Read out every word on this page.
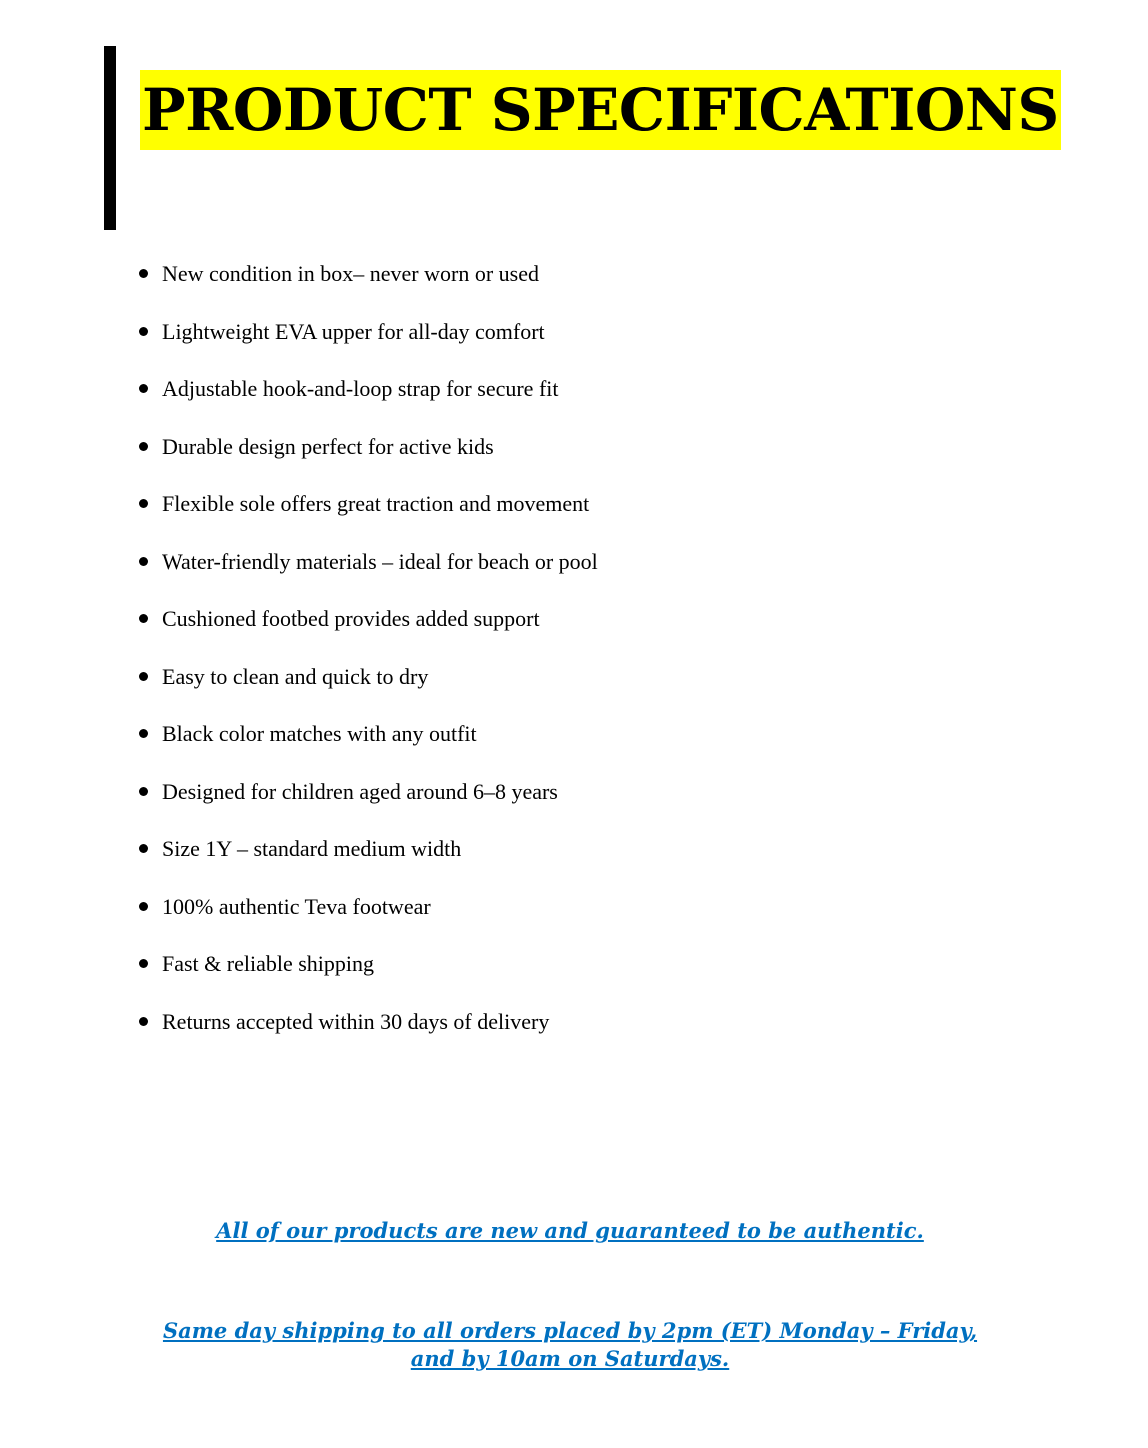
PRODUCT SPECIFICATIONS
New condition in box– never worn or used
Lightweight EVA upper for all-day comfort
Adjustable hook-and-loop strap for secure fit
Durable design perfect for active kids
Flexible sole offers great traction and movement
Water-friendly materials – ideal for beach or pool
Cushioned footbed provides added support
Easy to clean and quick to dry
Black color matches with any outfit
Designed for children aged around 6–8 years
Size 1Y – standard medium width
100% authentic Teva footwear
Fast & reliable shipping
Returns accepted within 30 days of delivery

All of our products are new and guaranteed to be authentic.

Same day shipping to all orders placed by 2pm (ET) Monday – Friday, and by 10am on Saturdays.
